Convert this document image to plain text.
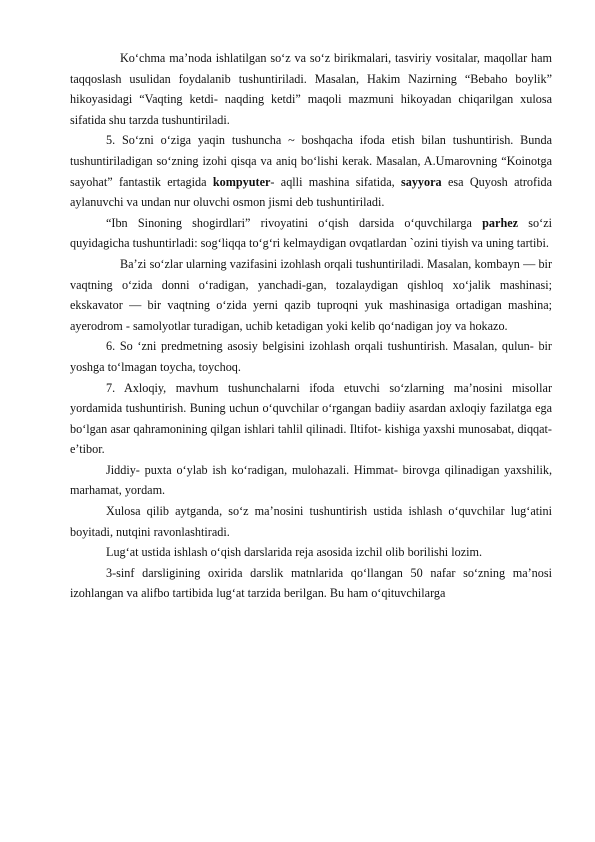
Ko‘chma ma’noda ishlatilgan so‘z va so‘z birikmalari, tasviriy vositalar, maqollar ham taqqoslash usulidan foydalanib tushuntiriladi. Masalan, Hakim Nazirning “Bebaho boylik” hikoyasidagi “Vaqting ketdi- naqding ketdi” maqoli mazmuni hikoyadan chiqarilgan xulosa sifatida shu tarzda tushuntiriladi.

5. So‘zni o‘ziga yaqin tushuncha ~ boshqacha ifoda etish bilan tushuntirish. Bunda tushuntiriladigan so‘zning izohi qisqa va aniq bo‘lishi kerak. Masalan, A.Umarovning “Koinotga sayohat” fantastik ertagida kompyuter- aqlli mashina sifatida, sayyora esa Quyosh atrofida aylanuvchi va undan nur oluvchi osmon jismi deb tushuntiriladi.

“Ibn Sinoning shogirdlari” rivoyatini o‘qish darsida o‘quvchilarga parhez so‘zi quyidagicha tushuntirladi: sog‘liqqa to‘g‘ri kelmaydigan ovqatlardan `ozini tiyish va uning tartibi.

Ba’zi so‘zlar ularning vazifasini izohlash orqali tushuntiriladi. Masalan, kombayn — bir vaqtning o‘zida donni o‘radigan, yanchadi-gan, tozalaydigan qishloq xo‘jalik mashinasi; ekskavator — bir vaqtning o‘zida yerni qazib tuproqni yuk mashinasiga ortadigan mashina; ayerodrom - samolyotlar turadigan, uchib ketadigan yoki kelib qo‘nadigan joy va hokazo.

6. So ‘zni predmetning asosiy belgisini izohlash orqali tushuntirish. Masalan, qulun- bir yoshga to‘lmagan toycha, toychoq.

7. Axloqiy, mavhum tushunchalarni ifoda etuvchi so‘zlarning ma’nosini misollar yordamida tushuntirish. Buning uchun o‘quvchilar o‘rgangan badiiy asardan axloqiy fazilatga ega bo‘lgan asar qahramonining qilgan ishlari tahlil qilinadi. Iltifot- kishiga yaxshi munosabat, diqqat-e’tibor.

Jiddiy- puxta o‘ylab ish ko‘radigan, mulohazali. Himmat- birovga qilinadigan yaxshilik, marhamat, yordam.

Xulosa qilib aytganda, so‘z ma’nosini tushuntirish ustida ishlash o‘quvchilar lug‘atini boyitadi, nutqini ravonlashtiradi.

Lug‘at ustida ishlash o‘qish darslarida reja asosida izchil olib borilishi lozim.

3-sinf darsligining oxirida darslik matnlarida qo‘llangan 50 nafar so‘zning ma’nosi izohlangan va alifbo tartibida lug‘at tarzida berilgan. Bu ham o‘qituvchilarga
